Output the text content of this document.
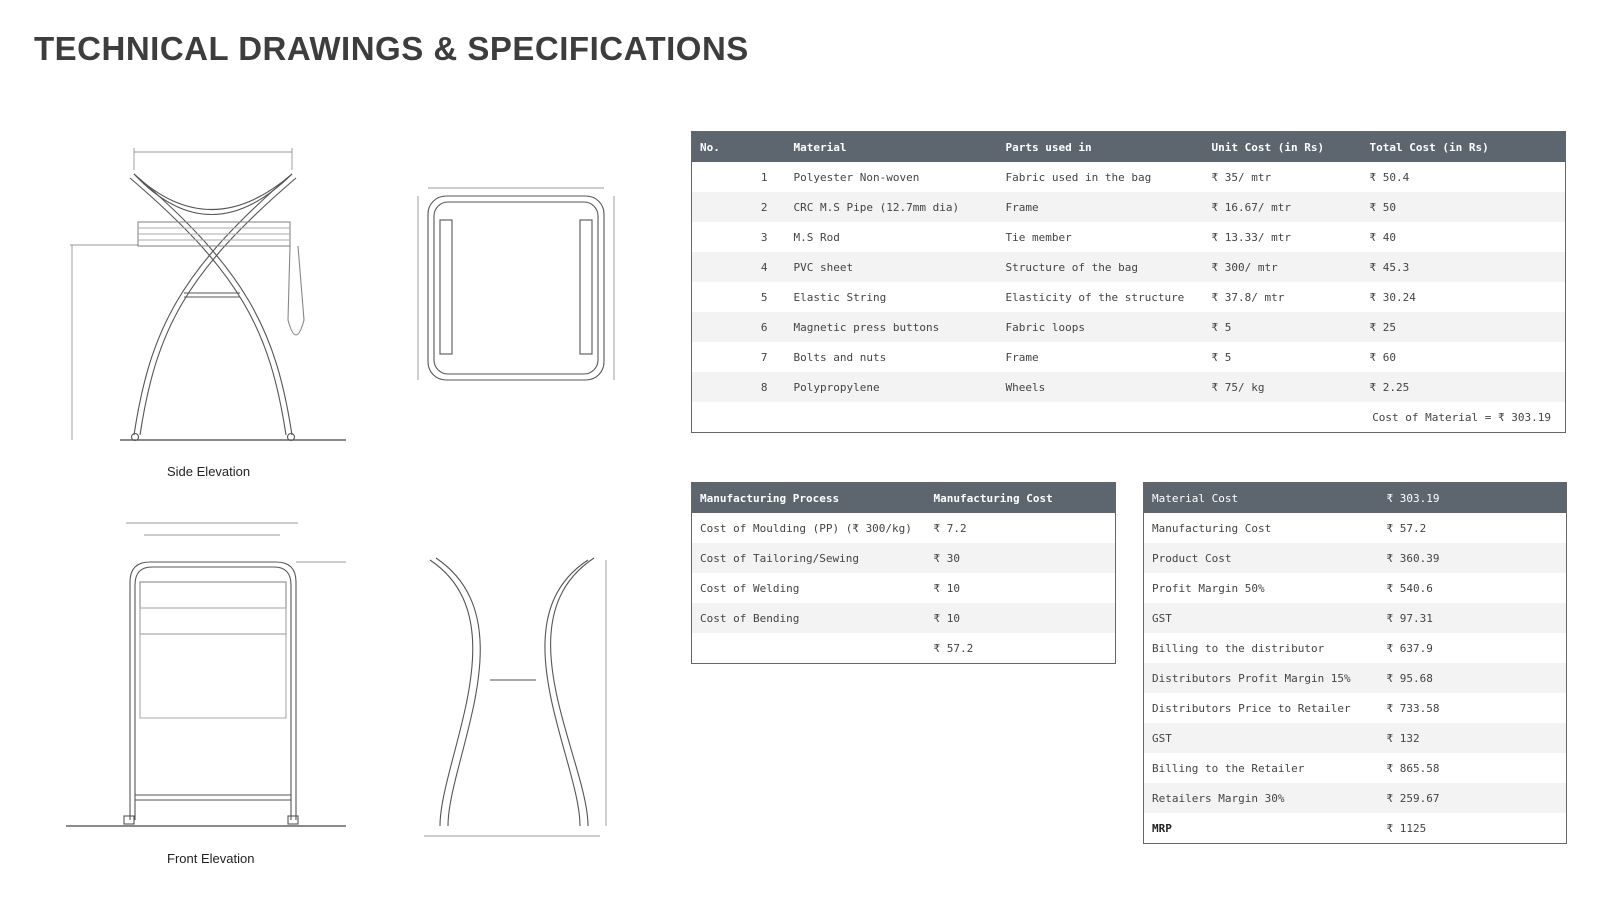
TECHNICAL DRAWINGS & SPECIFICATIONS
Side Elevation
Front Elevation
No.	Material	Parts used in	Unit Cost (in Rs)	Total Cost (in Rs)
1	Polyester Non-woven	Fabric used in the bag	₹ 35/ mtr	₹ 50.4
2	CRC M.S Pipe (12.7mm dia)	Frame	₹ 16.67/ mtr	₹ 50
3	M.S Rod	Tie member	₹ 13.33/ mtr	₹ 40
4	PVC sheet	Structure of the bag	₹ 300/ mtr	₹ 45.3
5	Elastic String	Elasticity of the structure	₹ 37.8/ mtr	₹ 30.24
6	Magnetic press buttons	Fabric loops	₹ 5	₹ 25
7	Bolts and nuts	Frame	₹ 5	₹ 60
8	Polypropylene	Wheels	₹ 75/ kg	₹ 2.25
Cost of Material = ₹ 303.19				
Manufacturing Process	Manufacturing Cost
Cost of Moulding (PP) (₹ 300/kg)	₹ 7.2
Cost of Tailoring/Sewing	₹ 30
Cost of Welding	₹ 10
Cost of Bending	₹ 10
	₹ 57.2
Material Cost	₹ 303.19
Manufacturing Cost	₹ 57.2
Product Cost	₹ 360.39
Profit Margin 50%	₹ 540.6
GST	₹ 97.31
Billing to the distributor	₹ 637.9
Distributors Profit Margin 15%	₹ 95.68
Distributors Price to Retailer	₹ 733.58
GST	₹ 132
Billing to the Retailer	₹ 865.58
Retailers Margin 30%	₹ 259.67
MRP	₹ 1125
